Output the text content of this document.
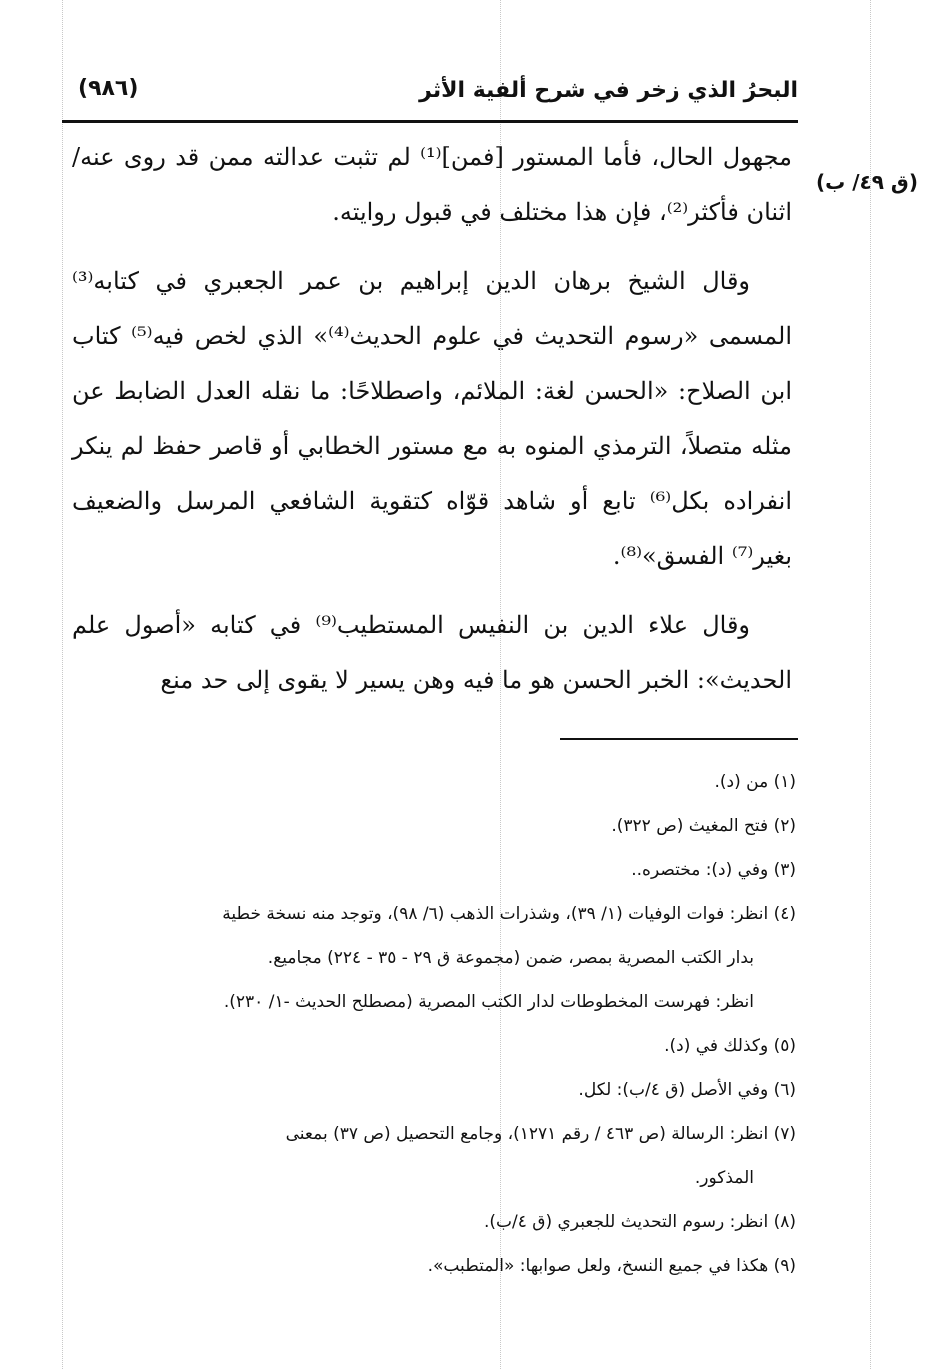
البحرُ الذي زخر في شرح ألفية الأثر
(٩٨٦)
(ق ٤٩/ ب)

مجهول الحال، فأما المستور [فمن]⁽¹⁾ لم تثبت عدالته ممن قد روى عنه/ اثنان فأكثر⁽²⁾، فإن هذا مختلف في قبول روايته.

وقال الشيخ برهان الدين إبراهيم بن عمر الجعبري في كتابه⁽³⁾ المسمى «رسوم التحديث في علوم الحديث⁽⁴⁾» الذي لخص فيه⁽⁵⁾ كتاب ابن الصلاح: «الحسن لغة: الملائم، واصطلاحًا: ما نقله العدل الضابط عن مثله متصلاً، الترمذي المنوه به مع مستور الخطابي أو قاصر حفظ لم ينكر انفراده بكل⁽⁶⁾ تابع أو شاهد قوّاه كتقوية الشافعي المرسل والضعيف بغير⁽⁷⁾ الفسق»⁽⁸⁾.

وقال علاء الدين بن النفيس المستطيب⁽⁹⁾ في كتابه «أصول علم الحديث»: الخبر الحسن هو ما فيه وهن يسير لا يقوى إلى حد منع

(١) من (د).

(٢) فتح المغيث (ص ٣٢٢).

(٣) وفي (د): مختصره..

(٤) انظر: فوات الوفيات (١/ ٣٩)، وشذرات الذهب (٦/ ٩٨)، وتوجد منه نسخة خطية

بدار الكتب المصرية بمصر، ضمن (مجموعة ق ٢٩ - ٣٥ - ٢٢٤) مجاميع.

انظر: فهرست المخطوطات لدار الكتب المصرية (مصطلح الحديث -١/ ٢٣٠).

(٥) وكذلك في (د).

(٦) وفي الأصل (ق ٤/ب): لكل.

(٧) انظر: الرسالة (ص ٤٦٣ / رقم ١٢٧١)، وجامع التحصيل (ص ٣٧) بمعنى

المذكور.

(٨) انظر: رسوم التحديث للجعبري (ق ٤/ب).

(٩) هكذا في جميع النسخ، ولعل صوابها: «المتطبب».
